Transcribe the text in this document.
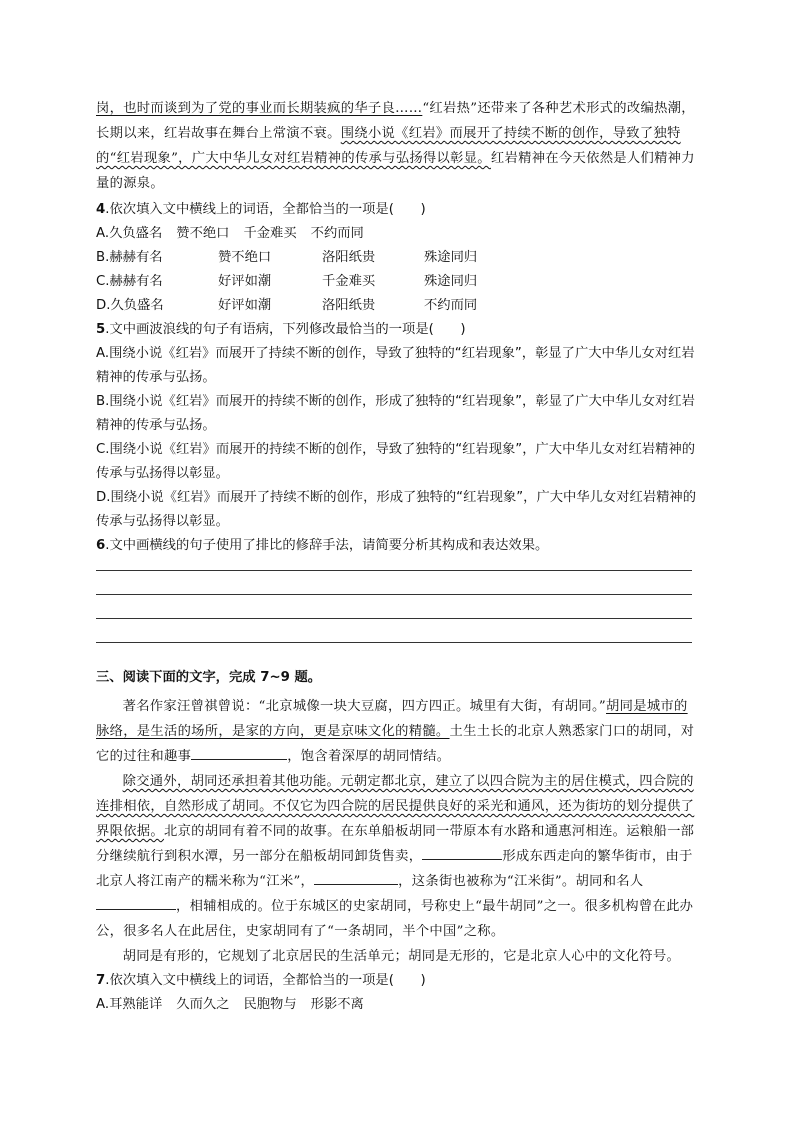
岗，也时而谈到为了党的事业而长期装疯的华子良……“红岩热”还带来了各种艺术形式的改编热潮，长期以来，红岩故事在舞台上常演不衰。围绕小说《红岩》而展开了持续不断的创作，导致了独特的“红岩现象”，广大中华儿女对红岩精神的传承与弘扬得以彰显。红岩精神在今天依然是人们精神力量的源泉。

4.依次填入文中横线上的词语，全都恰当的一项是(　　)

A. 久负盛名 赞不绝口 千金难买 不约而同
B.赫赫有名	赞不绝口	洛阳纸贵	殊途同归
C.赫赫有名	好评如潮	千金难买	殊途同归
D.久负盛名	好评如潮	洛阳纸贵	不约而同

5.文中画波浪线的句子有语病，下列修改最恰当的一项是(　　)

A.围绕小说《红岩》而展开了持续不断的创作，导致了独特的“红岩现象”，彰显了广大中华儿女对红岩精神的传承与弘扬。

B.围绕小说《红岩》而展开的持续不断的创作，形成了独特的“红岩现象”，彰显了广大中华儿女对红岩精神的传承与弘扬。

C.围绕小说《红岩》而展开的持续不断的创作，导致了独特的“红岩现象”，广大中华儿女对红岩精神的传承与弘扬得以彰显。

D.围绕小说《红岩》而展开了持续不断的创作，形成了独特的“红岩现象”，广大中华儿女对红岩精神的传承与弘扬得以彰显。

6.文中画横线的句子使用了排比的修辞手法，请简要分析其构成和表达效果。

三、阅读下面的文字，完成 7~9 题。

著名作家汪曾祺曾说：“北京城像一块大豆腐，四方四正。城里有大街，有胡同。”胡同是城市的脉络，是生活的场所，是家的方向，更是京味文化的精髓。土生土长的北京人熟悉家门口的胡同，对它的过往和趣事	，饱含着深厚的胡同情结。

除交通外，胡同还承担着其他功能。元朝定都北京，建立了以四合院为主的居住模式，四合院的连排相依，自然形成了胡同。不仅它为四合院的居民提供良好的采光和通风，还为街坊的划分提供了界限依据。北京的胡同有着不同的故事。在东单船板胡同一带原本有水路和通惠河相连。运粮船一部分继续航行到积水潭，另一部分在船板胡同卸货售卖，	形成东西走向的繁华街市，由于北京人将江南产的糯米称为“江米”，	，这条街也被称为“江米街”。胡同和名人，相辅相成的。位于东城区的史家胡同，号称史上“最牛胡同”之一。很多机构曾在此办公，很多名人在此居住，史家胡同有了“一条胡同，半个中国”之称。

胡同是有形的，它规划了北京居民的生活单元；胡同是无形的，它是北京人心中的文化符号。

7.依次填入文中横线上的词语，全都恰当的一项是(　　)

A. 耳熟能详 久而久之 民胞物与 形影不离
